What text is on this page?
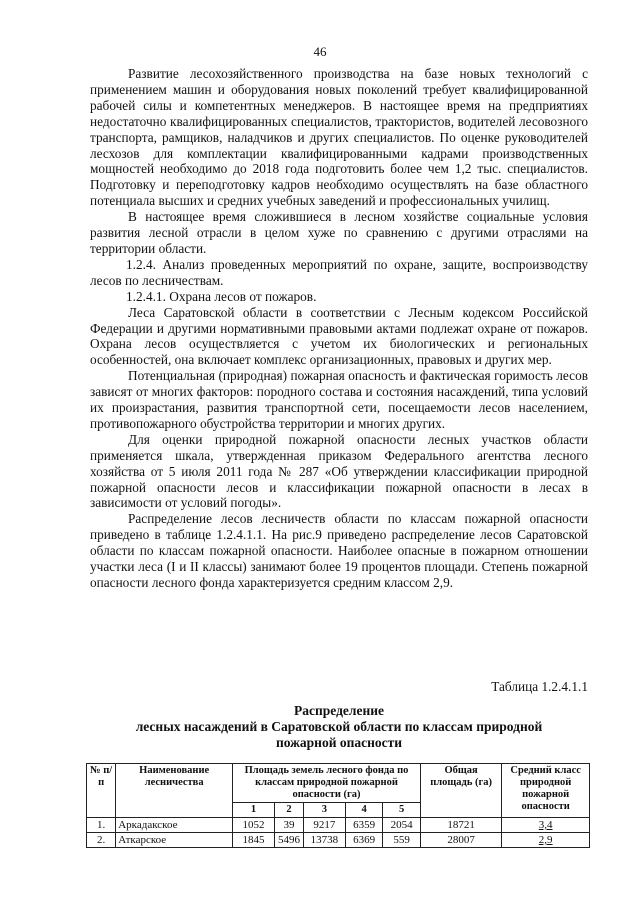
46

Развитие лесохозяйственного производства на базе новых технологий с применением машин и оборудования новых поколений требует квалифицированной рабочей силы и компетентных менеджеров. В настоящее время на предприятиях недостаточно квалифицированных специалистов, трактористов, водителей лесовозного транспорта, рамщиков, наладчиков и других специалистов. По оценке руководителей лесхозов для комплектации квалифицированными кадрами производственных мощностей необходимо до 2018 года подготовить более чем 1,2 тыс. специалистов. Подготовку и переподготовку кадров необходимо осуществлять на базе областного потенциала высших и средних учебных заведений и профессиональных училищ.

В настоящее время сложившиеся в лесном хозяйстве социальные условия развития лесной отрасли в целом хуже по сравнению с другими отраслями на территории области.

1.2.4. Анализ проведенных мероприятий по охране, защите, воспроизводству лесов по лесничествам.

1.2.4.1. Охрана лесов от пожаров.

Леса Саратовской области в соответствии с Лесным кодексом Российской Федерации и другими нормативными правовыми актами подлежат охране от пожаров. Охрана лесов осуществляется с учетом их биологических и региональных особенностей, она включает комплекс организационных, правовых и других мер.

Потенциальная (природная) пожарная опасность и фактическая горимость лесов зависят от многих факторов: породного состава и состояния насаждений, типа условий их произрастания, развития транспортной сети, посещаемости лесов населением, противопожарного обустройства территории и многих других.

Для оценки природной пожарной опасности лесных участков области применяется шкала, утвержденная приказом Федерального агентства лесного хозяйства от 5 июля 2011 года № 287 «Об утверждении классификации природной пожарной опасности лесов и классификации пожарной опасности в лесах в зависимости от условий погоды».

Распределение лесов лесничеств области по классам пожарной опасности приведено в таблице 1.2.4.1.1. На рис.9 приведено распределение лесов Саратовской области по классам пожарной опасности. Наиболее опасные в пожарном отношении участки леса (I и II классы) занимают более 19 процентов площади. Степень пожарной опасности лесного фонда характеризуется средним классом 2,9.

Таблица 1.2.4.1.1
Распределение
лесных насаждений в Саратовской области по классам природной
пожарной опасности
№ п/п	Наименование лесничества	Площадь земель лесного фонда по классам природной пожарной опасности (га)					Общая площадь (га)	Средний класс природной пожарной опасности
		1	2	3	4	5		
1.	Аркадакское	1052	39	9217	6359	2054	18721	3,4
2.	Аткарское	1845	5496	13738	6369	559	28007	2,9
